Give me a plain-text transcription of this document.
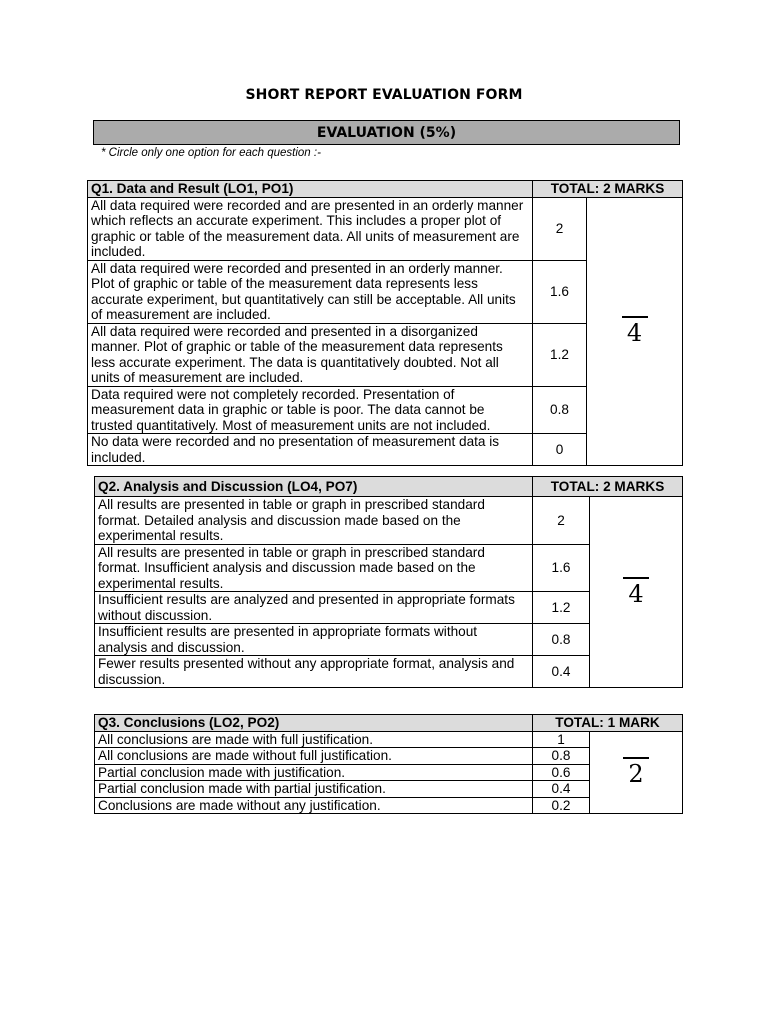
SHORT REPORT EVALUATION FORM
EVALUATION (5%)
* Circle only one option for each question :-
Q1. Data and Result (LO1, PO1)	TOTAL: 2 MARKS	
All data required were recorded and are presented in an orderly manner which reflects an accurate experiment. This includes a proper plot of graphic or table of the measurement data. All units of measurement are included.	2	4
All data required were recorded and presented in an orderly manner. Plot of graphic or table of the measurement data represents less accurate experiment, but quantitatively can still be acceptable. All units of measurement are included.	1.6	
All data required were recorded and presented in a disorganized manner. Plot of graphic or table of the measurement data represents less accurate experiment. The data is quantitatively doubted. Not all units of measurement are included.	1.2	
Data required were not completely recorded. Presentation of measurement data in graphic or table is poor. The data cannot be trusted quantitatively. Most of measurement units are not included.	0.8	
No data were recorded and no presentation of measurement data is included.	0	
Q2. Analysis and Discussion (LO4, PO7)	TOTAL: 2 MARKS	
All results are presented in table or graph in prescribed standard format. Detailed analysis and discussion made based on the experimental results.	2	4
All results are presented in table or graph in prescribed standard format. Insufficient analysis and discussion made based on the experimental results.	1.6	
Insufficient results are analyzed and presented in appropriate formats without discussion.	1.2	
Insufficient results are presented in appropriate formats without analysis and discussion.	0.8	
Fewer results presented without any appropriate format, analysis and discussion.	0.4	
Q3. Conclusions (LO2, PO2)	TOTAL: 1 MARK	
All conclusions are made with full justification.	1	2
All conclusions are made without full justification.	0.8	
Partial conclusion made with justification.	0.6	
Partial conclusion made with partial justification.	0.4	
Conclusions are made without any justification.	0.2	
